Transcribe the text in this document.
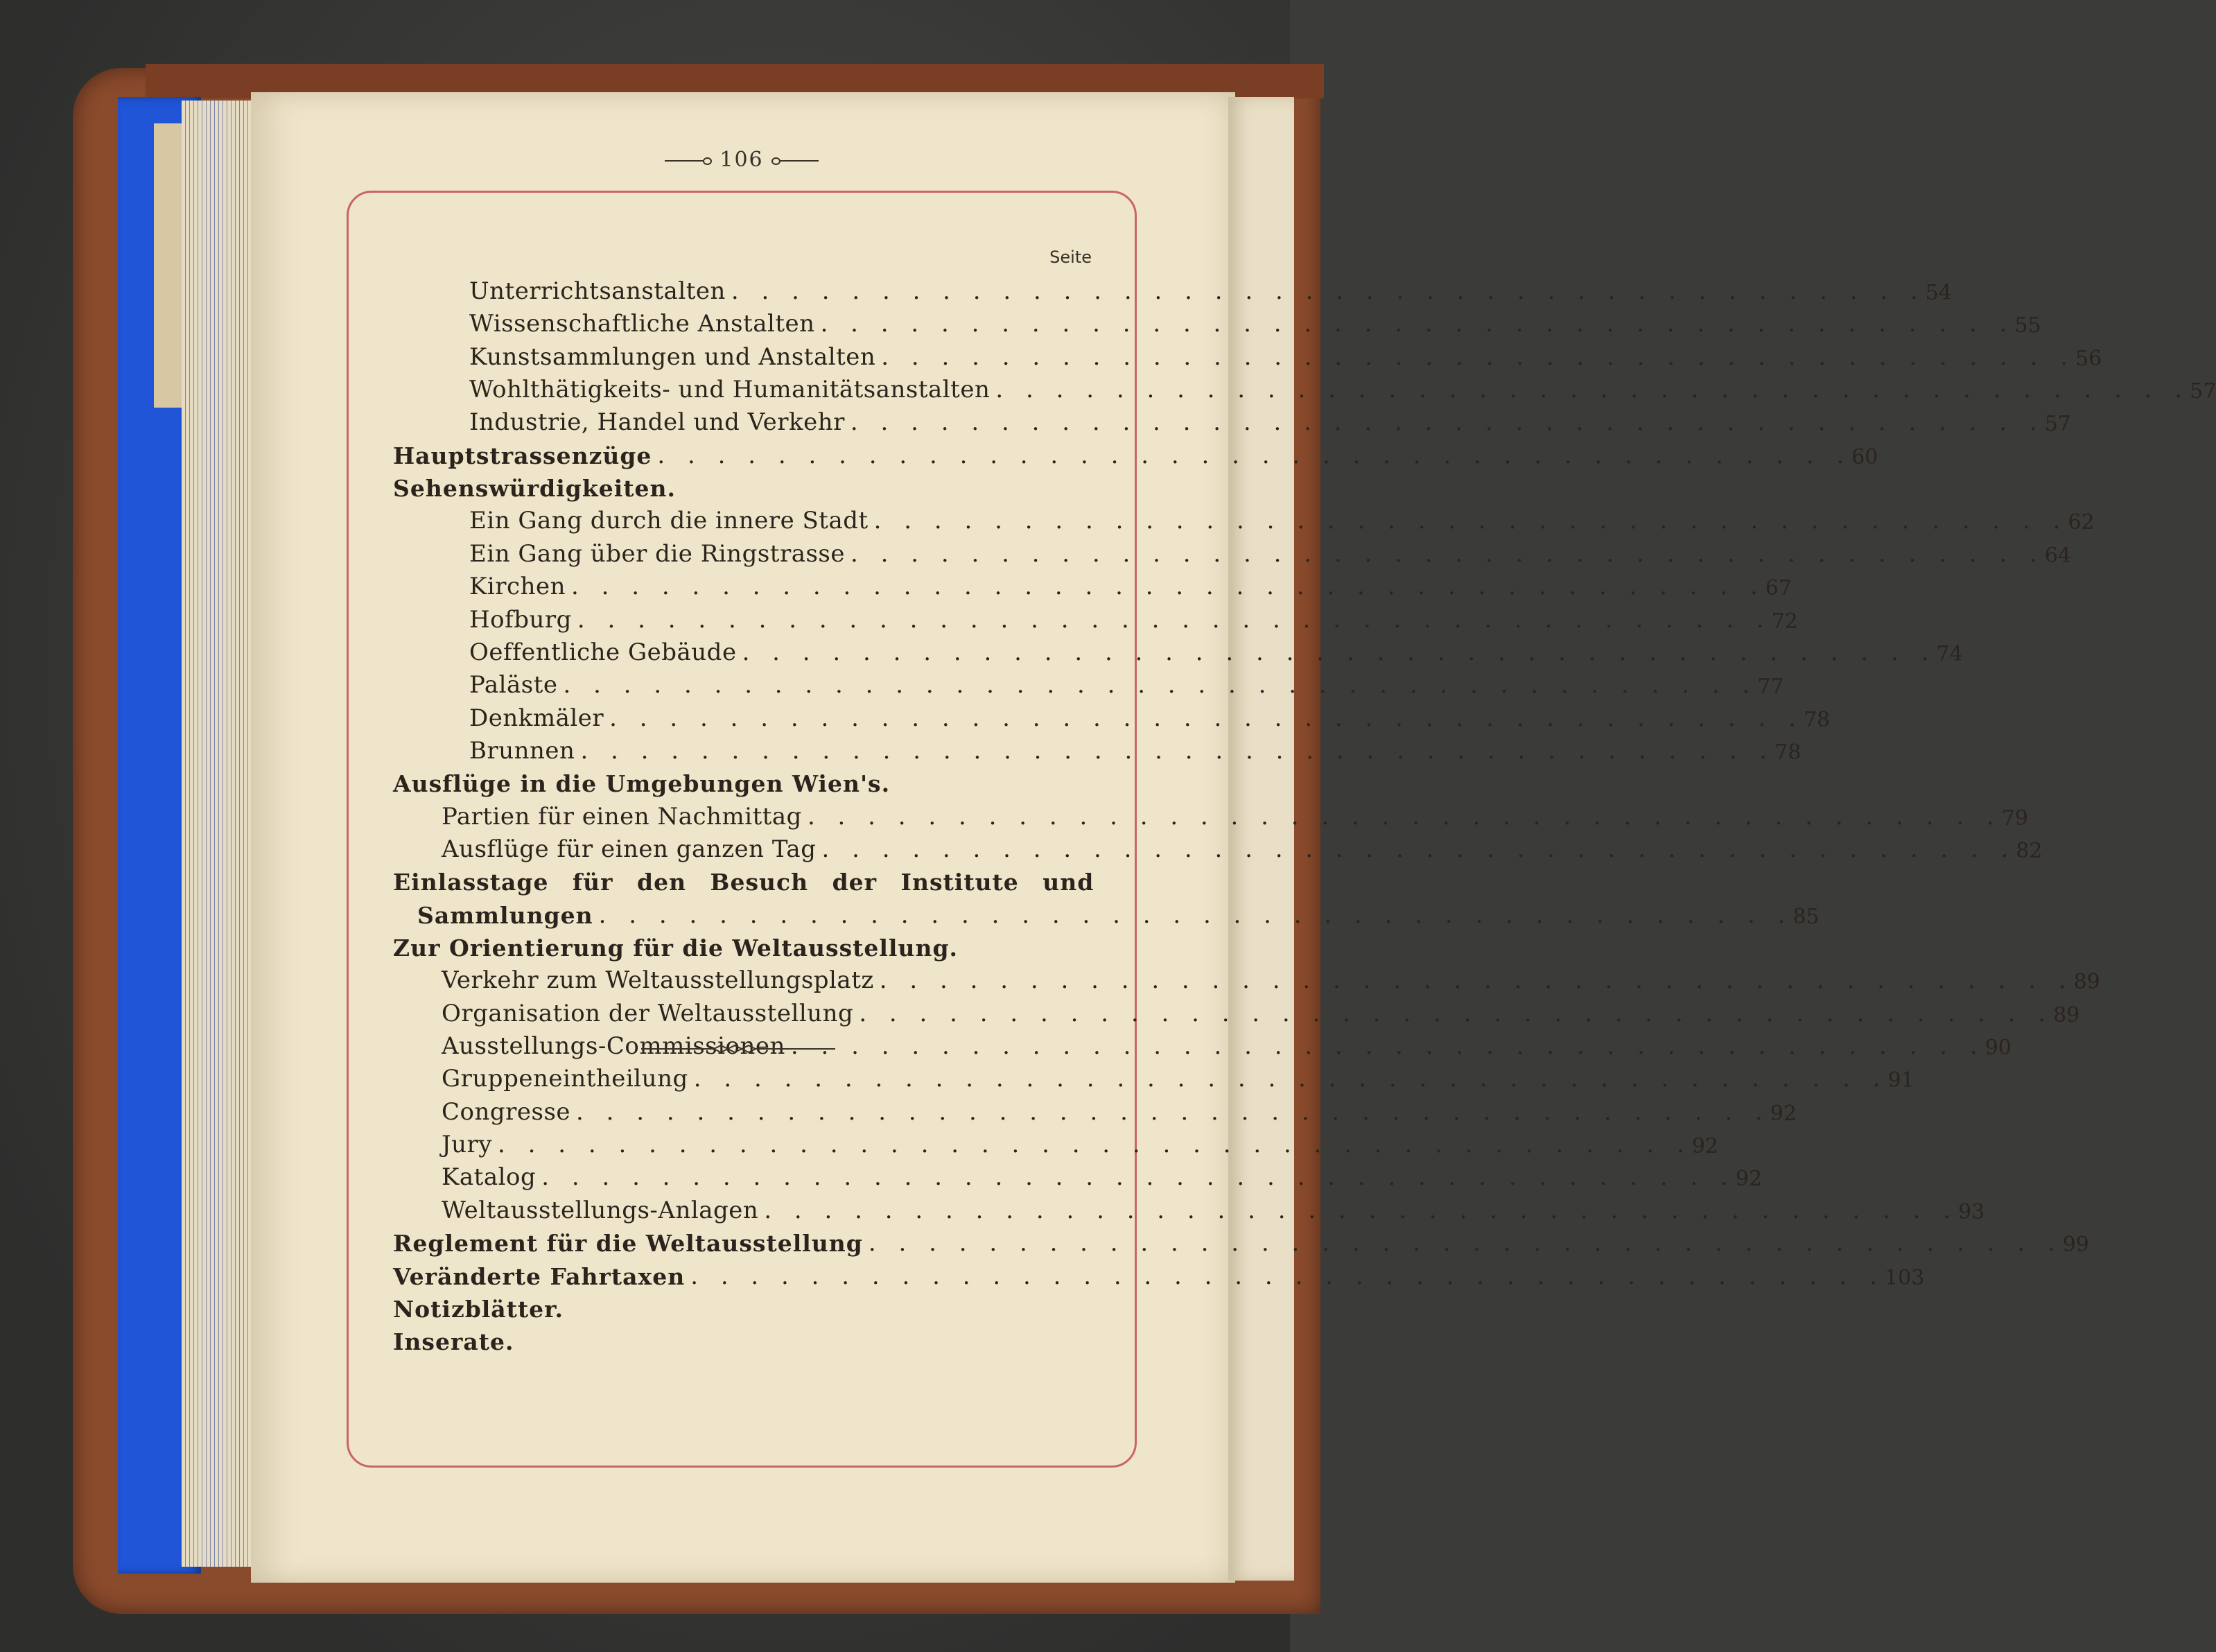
106
Seite
Unterrichtsanstalten . . . . . . . . . . . . . . . . . . . . . . . . . . . . . . . . . . . . . . . . 54
Wissenschaftliche Anstalten . . . . . . . . . . . . . . . . . . . . . . . . . . . . . . . . . . . . . . . . 55
Kunstsammlungen und Anstalten . . . . . . . . . . . . . . . . . . . . . . . . . . . . . . . . . . . . . . . . 56
Wohlthätigkeits- und Humanitätsanstalten . . . . . . . . . . . . . . . . . . . . . . . . . . . . . . . . . . . . . . . . 57
Industrie, Handel und Verkehr . . . . . . . . . . . . . . . . . . . . . . . . . . . . . . . . . . . . . . . . 57
Hauptstrassenzüge . . . . . . . . . . . . . . . . . . . . . . . . . . . . . . . . . . . . . . . . 60
Sehenswürdigkeiten.
Ein Gang durch die innere Stadt . . . . . . . . . . . . . . . . . . . . . . . . . . . . . . . . . . . . . . . . 62
Ein Gang über die Ringstrasse . . . . . . . . . . . . . . . . . . . . . . . . . . . . . . . . . . . . . . . . 64
Kirchen . . . . . . . . . . . . . . . . . . . . . . . . . . . . . . . . . . . . . . . . 67
Hofburg . . . . . . . . . . . . . . . . . . . . . . . . . . . . . . . . . . . . . . . . 72
Oeffentliche Gebäude . . . . . . . . . . . . . . . . . . . . . . . . . . . . . . . . . . . . . . . . 74
Paläste . . . . . . . . . . . . . . . . . . . . . . . . . . . . . . . . . . . . . . . . 77
Denkmäler . . . . . . . . . . . . . . . . . . . . . . . . . . . . . . . . . . . . . . . . 78
Brunnen . . . . . . . . . . . . . . . . . . . . . . . . . . . . . . . . . . . . . . . . 78
Ausflüge in die Umgebungen Wien's.
Partien für einen Nachmittag . . . . . . . . . . . . . . . . . . . . . . . . . . . . . . . . . . . . . . . . 79
Ausflüge für einen ganzen Tag . . . . . . . . . . . . . . . . . . . . . . . . . . . . . . . . . . . . . . . . 82
Einlasstage für den Besuch der Institute und
Sammlungen . . . . . . . . . . . . . . . . . . . . . . . . . . . . . . . . . . . . . . . . 85
Zur Orientierung für die Weltausstellung.
Verkehr zum Weltausstellungsplatz . . . . . . . . . . . . . . . . . . . . . . . . . . . . . . . . . . . . . . . . 89
Organisation der Weltausstellung . . . . . . . . . . . . . . . . . . . . . . . . . . . . . . . . . . . . . . . . 89
Ausstellungs-Commissionen . . . . . . . . . . . . . . . . . . . . . . . . . . . . . . . . . . . . . . . . 90
Gruppeneintheilung . . . . . . . . . . . . . . . . . . . . . . . . . . . . . . . . . . . . . . . . 91
Congresse . . . . . . . . . . . . . . . . . . . . . . . . . . . . . . . . . . . . . . . . 92
Jury . . . . . . . . . . . . . . . . . . . . . . . . . . . . . . . . . . . . . . . . 92
Katalog . . . . . . . . . . . . . . . . . . . . . . . . . . . . . . . . . . . . . . . . 92
Weltausstellungs-Anlagen . . . . . . . . . . . . . . . . . . . . . . . . . . . . . . . . . . . . . . . . 93
Reglement für die Weltausstellung . . . . . . . . . . . . . . . . . . . . . . . . . . . . . . . . . . . . . . . . 99
Veränderte Fahrtaxen . . . . . . . . . . . . . . . . . . . . . . . . . . . . . . . . . . . . . . . . 103
Notizblätter.
Inserate.
